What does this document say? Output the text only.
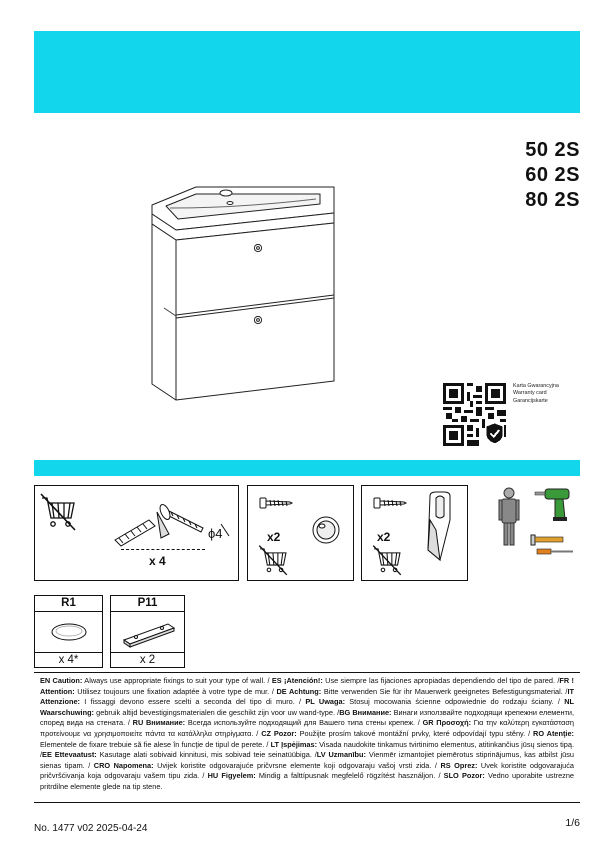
50 2S
60 2S
80 2S
Karta Gwarancyjna
Warranty card
Garancijskarte
ϕ4
x 4
x2	x2
R1
x 4*
P11
x 2

EN Caution: Always use appropriate fixings to suit your type of wall. / ES ¡Atención!: Use siempre las fijaciones apropiadas dependiendo del tipo de pared. /FR ! Attention: Utilisez toujours une fixation adaptée à votre type de mur. / DE Achtung: Bitte verwenden Sie für ihr Mauerwerk geeignetes Befestigungsmaterial. /IT Attenzione: I fissaggi devono essere scelti a seconda del tipo di muro. / PL Uwaga: Stosuj mocowania ścienne odpowiednie do rodzaju ściany. / NL Waarschuwing: gebruik altijd bevestigingsmaterialen die geschikt zijn voor uw wand-type. /BG Внимание: Винаги използвайте подходящи крепежни елементи, според вида на стената. / RU Внимание: Всегда используйте подходящий для Вашего типа стены крепеж. / GR Προσοχή: Για την καλύτερη εγκατάσταση προτείνουμε να χρησιμοποιείτε πάντα τα κατάλληλα στηρίγματα. / CZ Pozor: Použijte prosím takové montážní prvky, které odpovídají typu stěny. / RO Atenţie: Elementele de fixare trebuie să fie alese în funcţie de tipul de perete. / LT Įspėjimas: Visada naudokite tinkamus tvirtinimo elementus, atitinkančius jūsų sienos tipą. /EE Ettevaatust: Kasutage alati sobivaid kinnitusi, mis sobivad teie seinatüübiga. /LV Uzmanību: Vienmēr izmantojiet piemērotus stiprinājumus, kas atbilst jūsu sienas tipam. / CRO Napomena: Uvijek koristite odgovarajuće pričvrsne elemente koji odgovaraju vašoj vrsti zida. / RS Oprez: Uvek koristite odgovarajuća pričvršćivanja koja odgovaraju vašem tipu zida. / HU Figyelem: Mindig a falttípusnak megfelelő rögzítést használjon. / SLO Pozor: Vedno uporabite ustrezne pritrdilne elemente glede na tip stene.

No. 1477 v02 2025-04-24	1/6
